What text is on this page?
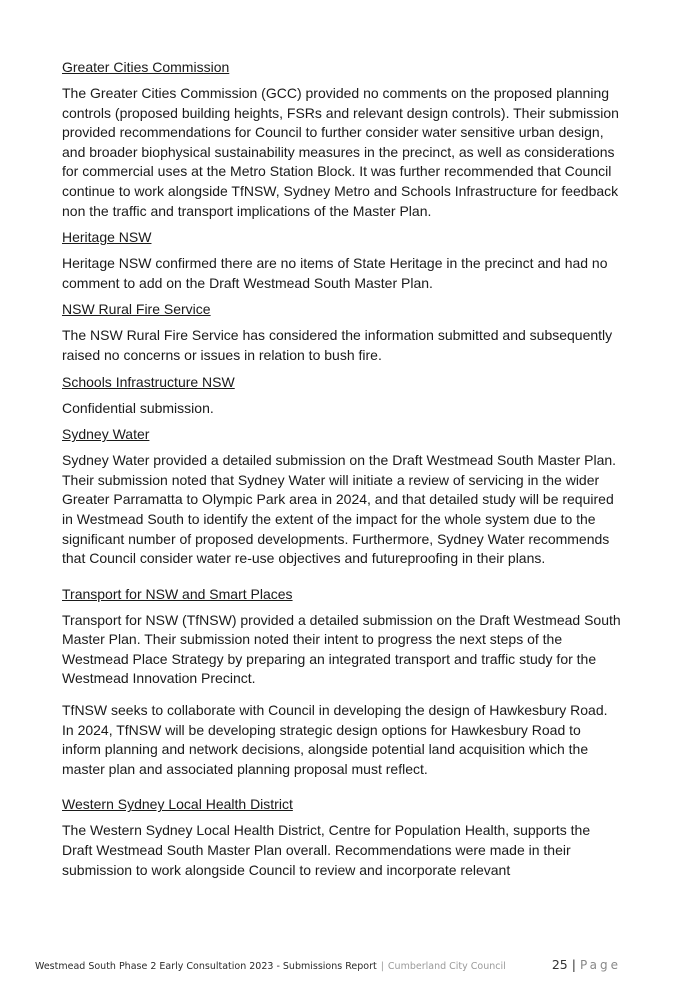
Greater Cities Commission

The Greater Cities Commission (GCC) provided no comments on the proposed planning controls (proposed building heights, FSRs and relevant design controls). Their submission provided recommendations for Council to further consider water sensitive urban design, and broader biophysical sustainability measures in the precinct, as well as considerations for commercial uses at the Metro Station Block. It was further recommended that Council continue to work alongside TfNSW, Sydney Metro and Schools Infrastructure for feedback non the traffic and transport implications of the Master Plan.

Heritage NSW

Heritage NSW confirmed there are no items of State Heritage in the precinct and had no comment to add on the Draft Westmead South Master Plan.

NSW Rural Fire Service

The NSW Rural Fire Service has considered the information submitted and subsequently raised no concerns or issues in relation to bush fire.

Schools Infrastructure NSW

Confidential submission.

Sydney Water

Sydney Water provided a detailed submission on the Draft Westmead South Master Plan. Their submission noted that Sydney Water will initiate a review of servicing in the wider Greater Parramatta to Olympic Park area in 2024, and that detailed study will be required in Westmead South to identify the extent of the impact for the whole system due to the significant number of proposed developments. Furthermore, Sydney Water recommends that Council consider water re-use objectives and futureproofing in their plans.

Transport for NSW and Smart Places

Transport for NSW (TfNSW) provided a detailed submission on the Draft Westmead South Master Plan. Their submission noted their intent to progress the next steps of the Westmead Place Strategy by preparing an integrated transport and traffic study for the Westmead Innovation Precinct.

TfNSW seeks to collaborate with Council in developing the design of Hawkesbury Road. In 2024, TfNSW will be developing strategic design options for Hawkesbury Road to inform planning and network decisions, alongside potential land acquisition which the master plan and associated planning proposal must reflect.

Western Sydney Local Health District

The Western Sydney Local Health District, Centre for Population Health, supports the Draft Westmead South Master Plan overall. Recommendations were made in their submission to work alongside Council to review and incorporate relevant

Westmead South Phase 2 Early Consultation 2023 - Submissions Report | Cumberland City Council	25 | Page
